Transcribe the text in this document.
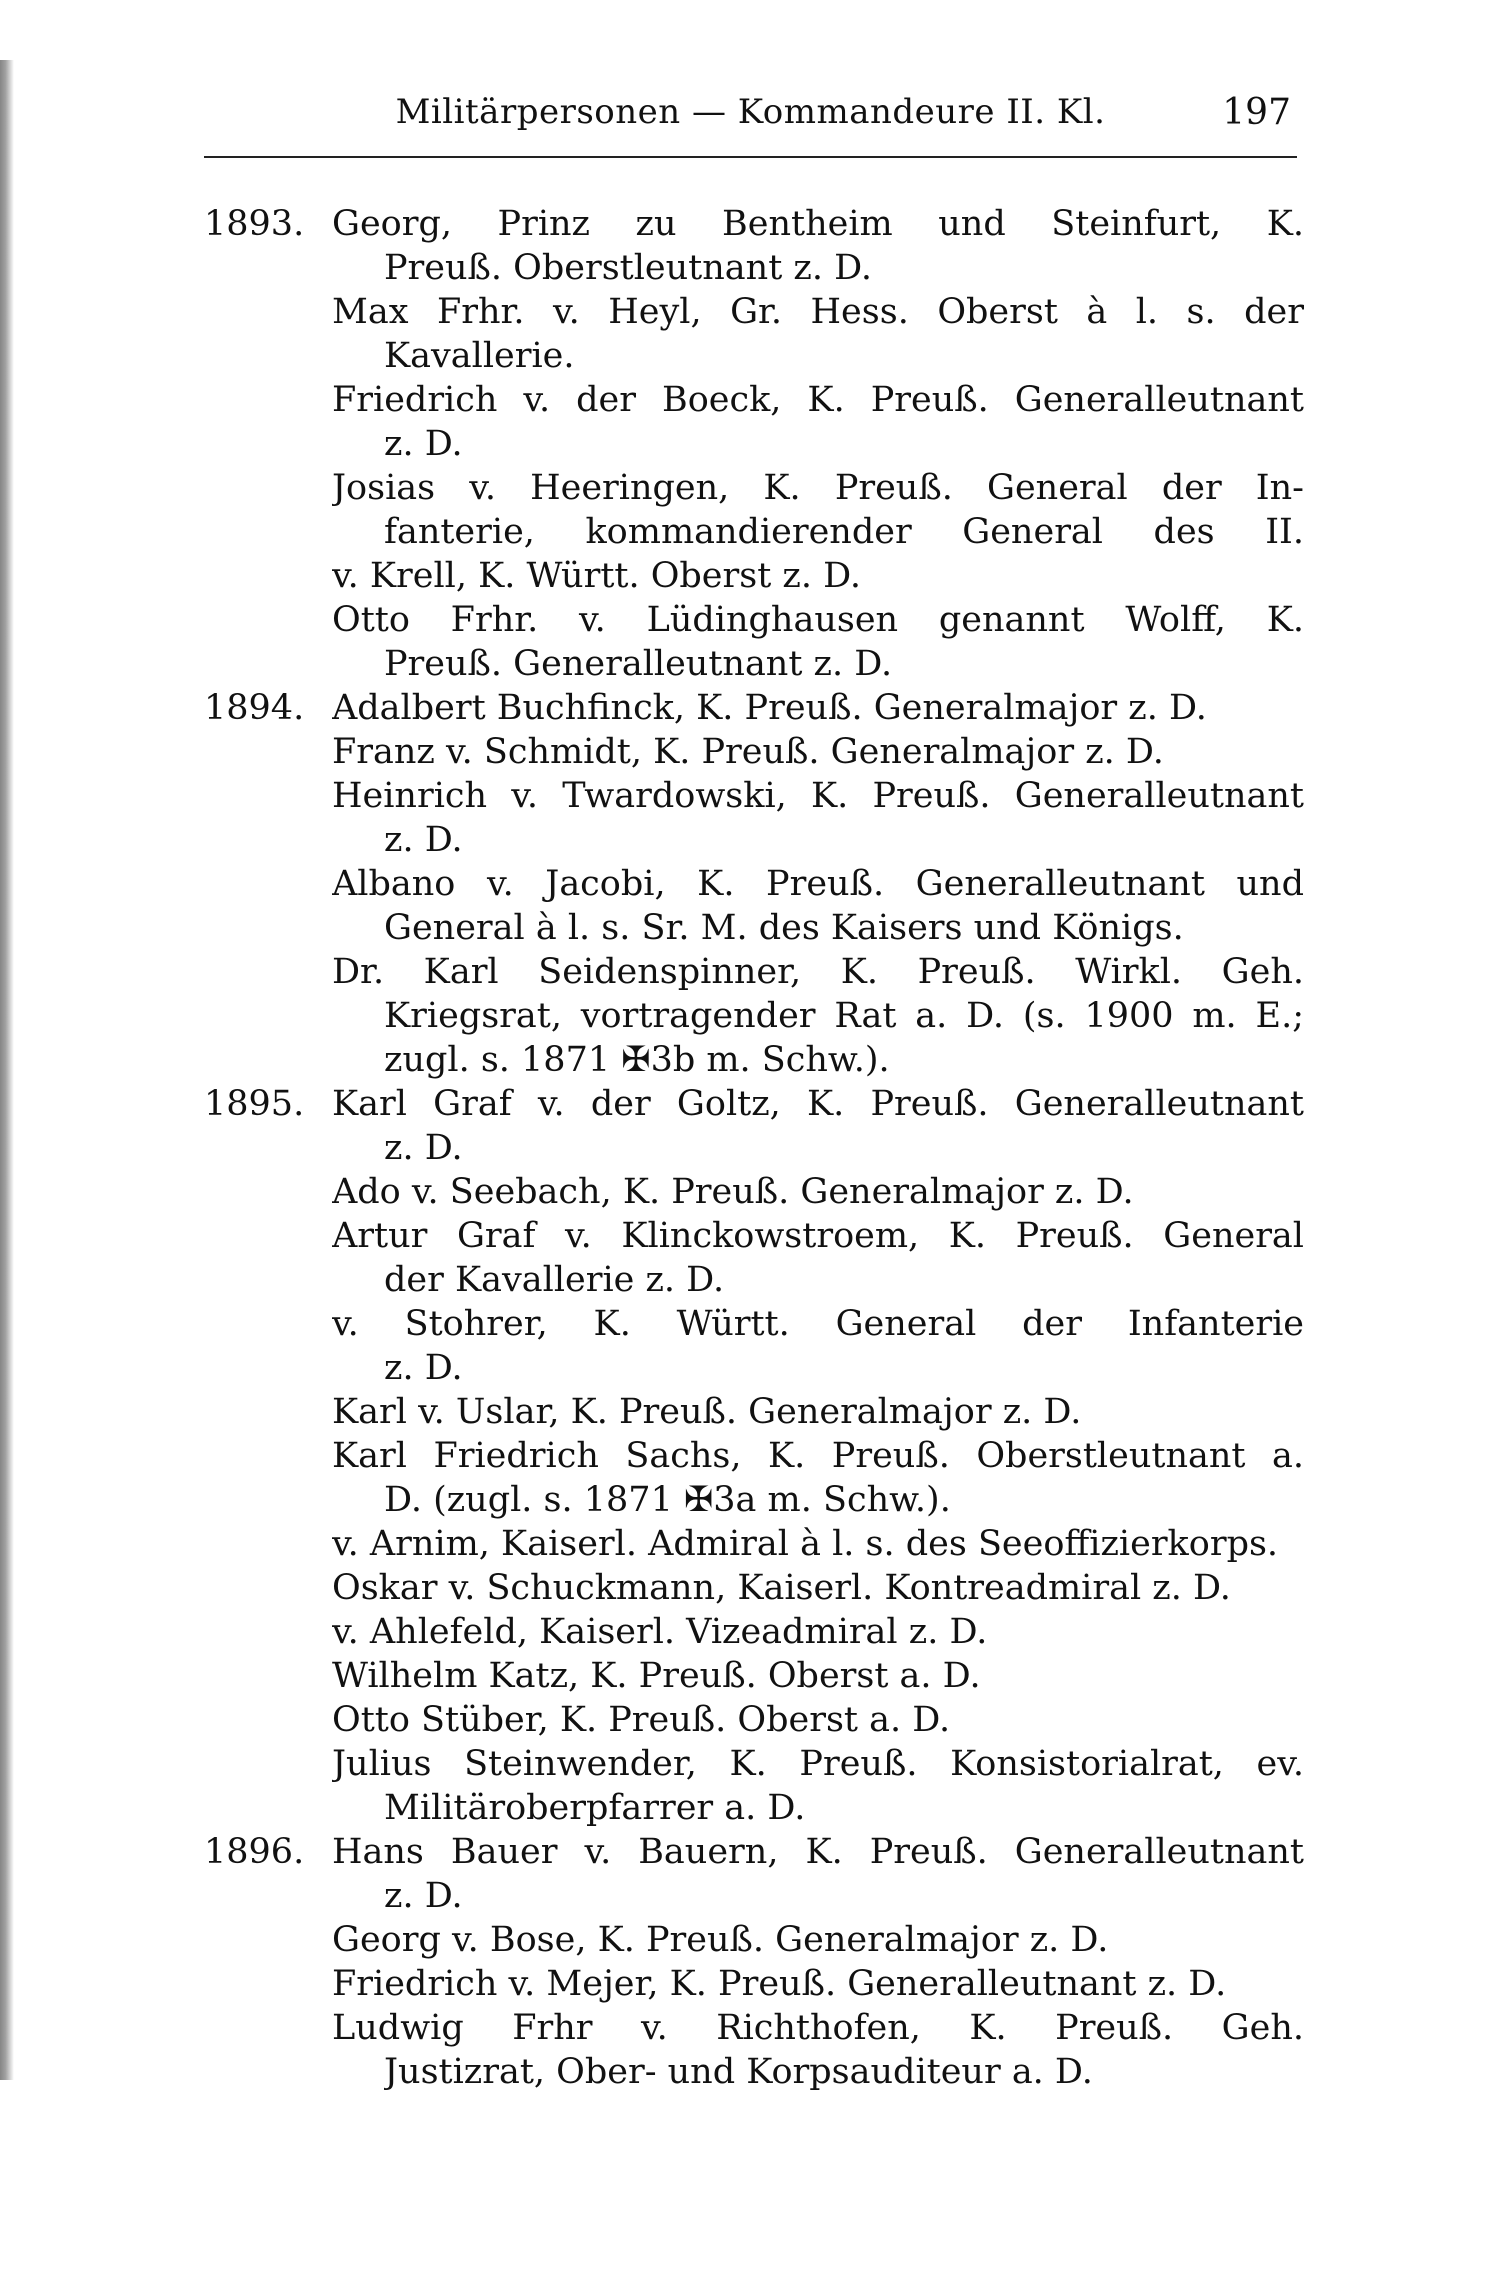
Militärpersonen — Kommandeure II. Kl.	197
1893. Georg, Prinz zu Bentheim und Steinfurt, K.
Preuß. Oberstleutnant z. D.
Max Frhr. v. Heyl, Gr. Hess. Oberst à l. s. der
Kavallerie.
Friedrich v. der Boeck, K. Preuß. Generalleutnant
z. D.
Josias v. Heeringen, K. Preuß. General der In-
fanterie, kommandierender General des II.
v. Krell, K. Württ. Oberst z. D.
Otto Frhr. v. Lüdinghausen genannt Wolff, K.
Preuß. Generalleutnant z. D.
1894. Adalbert Buchfinck, K. Preuß. Generalmajor z. D.
Franz v. Schmidt, K. Preuß. Generalmajor z. D.
Heinrich v. Twardowski, K. Preuß. Generalleutnant
z. D.
Albano v. Jacobi, K. Preuß. Generalleutnant und
General à l. s. Sr. M. des Kaisers und Königs.
Dr. Karl Seidenspinner, K. Preuß. Wirkl. Geh.
Kriegsrat, vortragender Rat a. D. (s. 1900 m. E.;
zugl. s. 1871 ✠3b m. Schw.).
1895. Karl Graf v. der Goltz, K. Preuß. Generalleutnant
z. D.
Ado v. Seebach, K. Preuß. Generalmajor z. D.
Artur Graf v. Klinckowstroem, K. Preuß. General
der Kavallerie z. D.
v. Stohrer, K. Württ. General der Infanterie
z. D.
Karl v. Uslar, K. Preuß. Generalmajor z. D.
Karl Friedrich Sachs, K. Preuß. Oberstleutnant a.
D. (zugl. s. 1871 ✠3a m. Schw.).
v. Arnim, Kaiserl. Admiral à l. s. des Seeoffizierkorps.
Oskar v. Schuckmann, Kaiserl. Kontreadmiral z. D.
v. Ahlefeld, Kaiserl. Vizeadmiral z. D.
Wilhelm Katz, K. Preuß. Oberst a. D.
Otto Stüber, K. Preuß. Oberst a. D.
Julius Steinwender, K. Preuß. Konsistorialrat, ev.
Militäroberpfarrer a. D.
1896. Hans Bauer v. Bauern, K. Preuß. Generalleutnant
z. D.
Georg v. Bose, K. Preuß. Generalmajor z. D.
Friedrich v. Mejer, K. Preuß. Generalleutnant z. D.
Ludwig Frhr v. Richthofen, K. Preuß. Geh.
Justizrat, Ober- und Korpsauditeur a. D.
